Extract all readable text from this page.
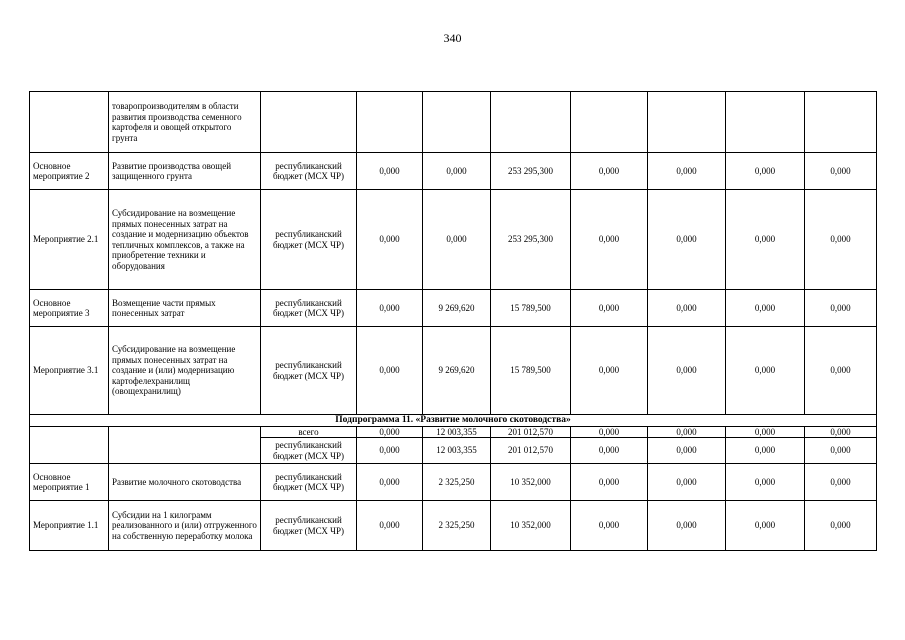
340
	товаропроизводителям в области развития производства семенного картофеля и овощей открытого грунта								
Основное мероприятие 2	Развитие производства овощей защищенного грунта	республиканский бюджет (МСХ ЧР)	0,000	0,000	253 295,300	0,000	0,000	0,000	0,000
Мероприятие 2.1	Субсидирование на возмещение прямых понесенных затрат на создание и модернизацию объектов тепличных комплексов, а также на приобретение техники и оборудования	республиканский бюджет (МСХ ЧР)	0,000	0,000	253 295,300	0,000	0,000	0,000	0,000
Основное мероприятие 3	Возмещение части прямых понесенных затрат	республиканский бюджет (МСХ ЧР)	0,000	9 269,620	15 789,500	0,000	0,000	0,000	0,000
Мероприятие 3.1	Субсидирование на возмещение прямых понесенных затрат на создание и (или) модернизацию картофелехранилищ (овощехранилищ)	республиканский бюджет (МСХ ЧР)	0,000	9 269,620	15 789,500	0,000	0,000	0,000	0,000
Подпрограмма 11. «Развитие молочного скотоводства»									
		всего	0,000	12 003,355	201 012,570	0,000	0,000	0,000	0,000
		республиканский бюджет (МСХ ЧР)	0,000	12 003,355	201 012,570	0,000	0,000	0,000	0,000
Основное мероприятие 1	Развитие молочного скотоводства	республиканский бюджет (МСХ ЧР)	0,000	2 325,250	10 352,000	0,000	0,000	0,000	0,000
Мероприятие 1.1	Субсидии на 1 килограмм реализованного и (или) отгруженного на собственную переработку молока	республиканский бюджет (МСХ ЧР)	0,000	2 325,250	10 352,000	0,000	0,000	0,000	0,000
